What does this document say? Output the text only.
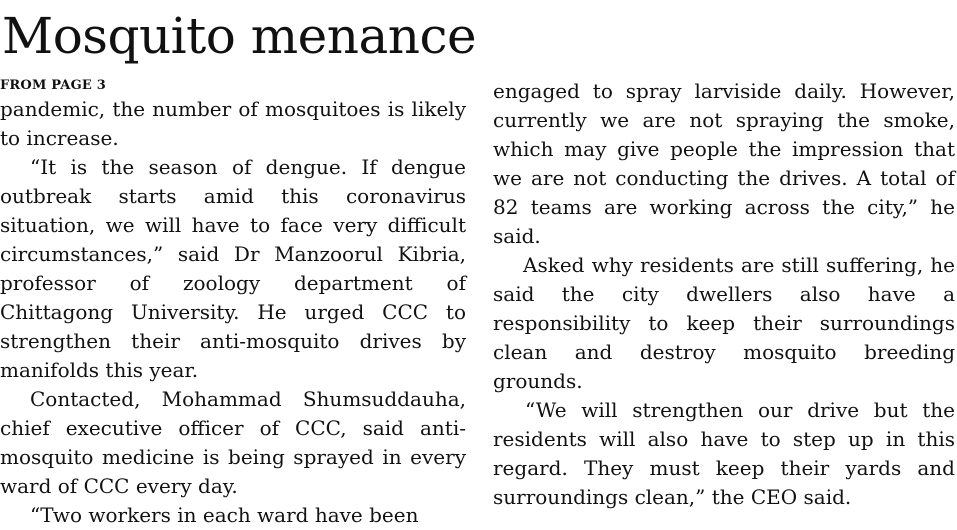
Mosquito menance
FROM PAGE 3

pandemic, the number of mosquitoes is likely to increase.

“It is the season of dengue. If dengue outbreak starts amid this coronavirus situation, we will have to face very difficult circumstances,” said Dr Manzoorul Kibria, professor of zoology department of Chittagong University. He urged CCC to strengthen their anti-mosquito drives by manifolds this year.

Contacted, Mohammad Shumsuddauha, chief executive officer of CCC, said anti-mosquito medicine is being sprayed in every ward of CCC every day.

“Two workers in each ward have been

engaged to spray larviside daily. However, currently we are not spraying the smoke, which may give people the impression that we are not conducting the drives. A total of 82 teams are working across the city,” he said.

Asked why residents are still suffering, he said the city dwellers also have a responsibility to keep their surroundings clean and destroy mosquito breeding grounds.

“We will strengthen our drive but the residents will also have to step up in this regard. They must keep their yards and surroundings clean,” the CEO said.
